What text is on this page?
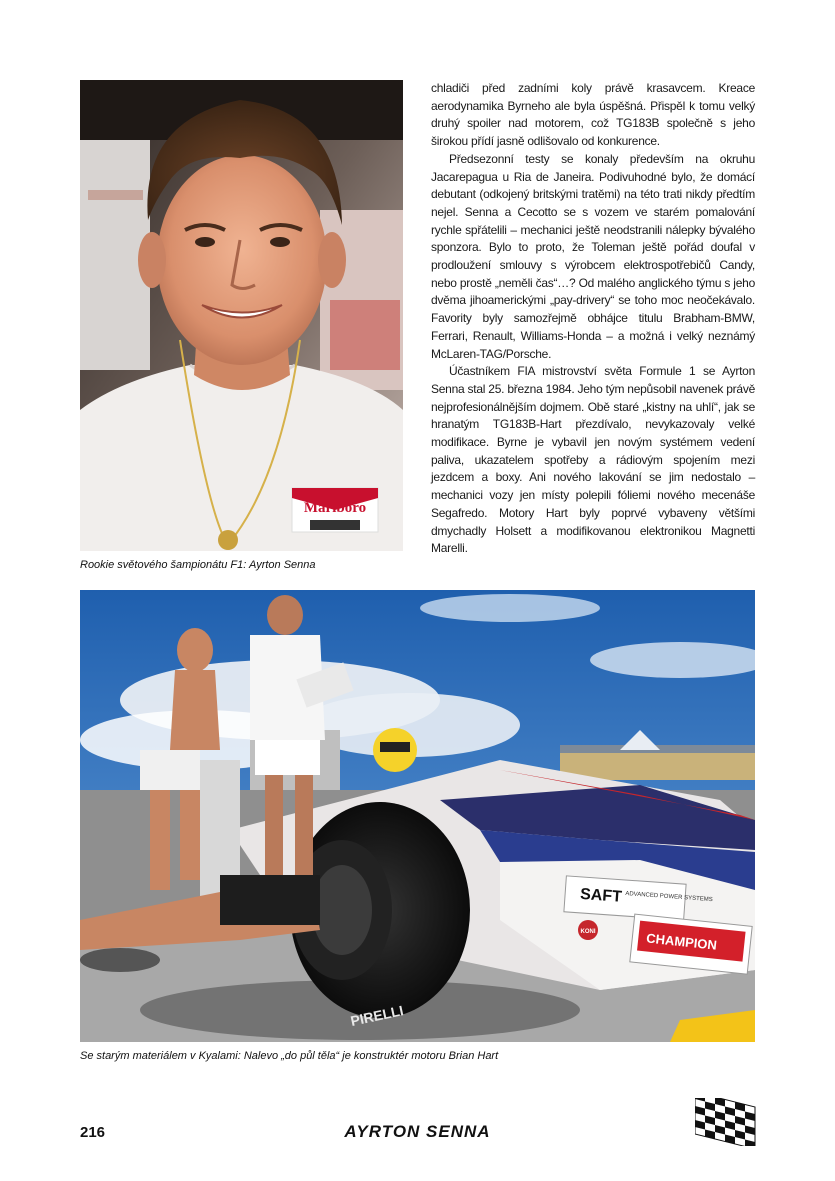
Marlboro
Rookie světového šampionátu F1: Ayrton Senna

chladiči před zadními koly právě krasavcem. Kreace aerodynamika Byrneho ale byla úspěšná. Přispěl k tomu velký druhý spoiler nad motorem, což TG183B společně s jeho širokou přídí jasně odlišovalo od konkurence.

Předsezonní testy se konaly především na okruhu Jacarepagua u Ria de Janeira. Podivuhodné bylo, že domácí debutant (odkojený britskými tratěmi) na této trati nikdy předtím nejel. Senna a Cecotto se s vozem ve starém pomalování rychle spřátelili – mechanici ještě neodstranili nálepky bývalého sponzora. Bylo to proto, že Toleman ještě pořád doufal v prodloužení smlouvy s výrobcem elektrospotřebičů Candy, nebo prostě „neměli čas“…? Od malého anglického týmu s jeho dvěma jihoamerickými „pay-drivery“ se toho moc neočekávalo. Favority byly samozřejmě obhájce titulu Brabham-BMW, Ferrari, Renault, Williams-Honda – a možná i velký neznámý McLaren-TAG/Porsche.

Účastníkem FIA mistrovství světa Formule 1 se Ayrton Senna stal 25. března 1984. Jeho tým nepůsobil navenek právě nejprofesionálnějším dojmem. Obě staré „kistny na uhlí“, jak se hranatým TG183B-Hart přezdívalo, nevykazovaly velké modifikace. Byrne je vybavil jen novým systémem vedení paliva, ukazatelem spotřeby a rádiovým spojením mezi jezdcem a boxy. Ani nového lakování se jim nedostalo – mechanici vozy jen místy polepili fóliemi nového mecenáše Segafredo. Motory Hart byly poprvé vybaveny většími dmychadly Holsett a modifikovanou elektronikou Magnetti Marelli.

SAFT ADVANCED POWER SYSTEMS
KONI	CHAMPION
PIRELLI
Se starým materiálem v Kyalami: Nalevo „do půl těla“ je konstruktér motoru Brian Hart
216	AYRTON SENNA
